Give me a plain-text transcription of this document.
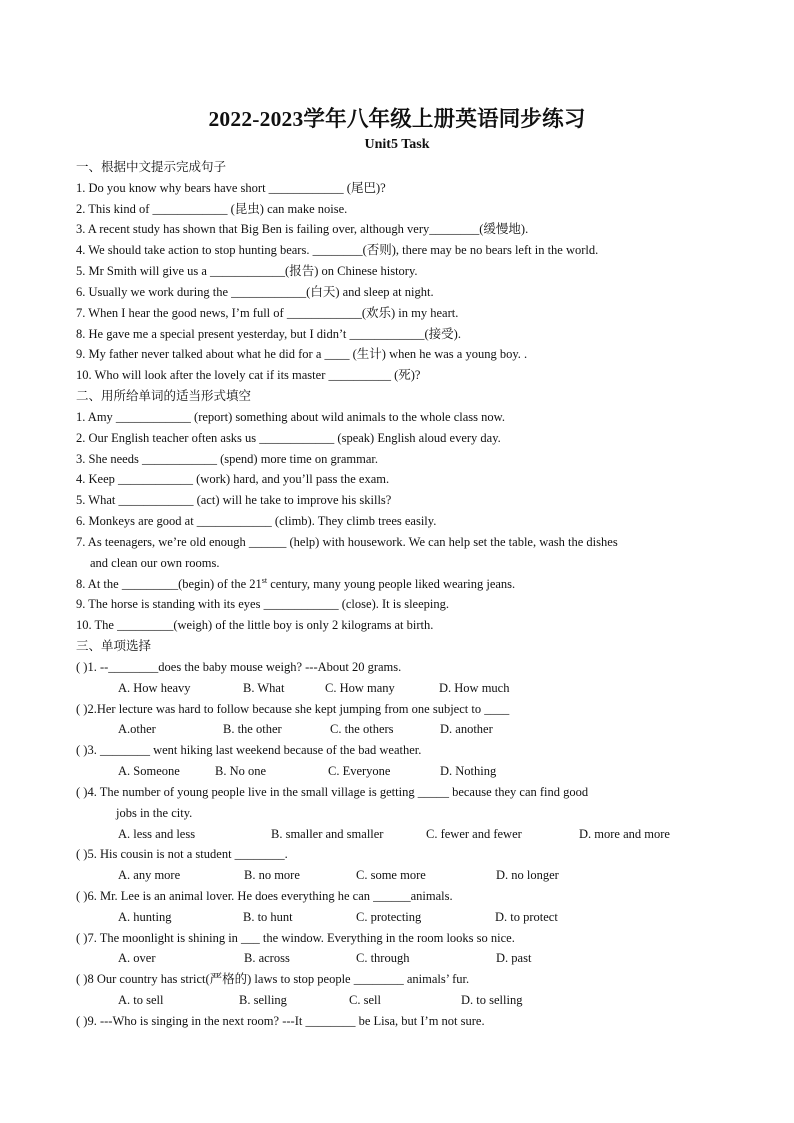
2022-2023学年八年级上册英语同步练习
Unit5 Task
一、根据中文提示完成句子
1. Do you know why bears have short ____________ (尾巴)?
2. This kind of ____________ (昆虫) can make noise.
3. A recent study has shown that Big Ben is failing over, although very________(缓慢地).
4. We should take action to stop hunting bears. ________(否则), there may be no bears left in the world.
5. Mr Smith will give us a ____________(报告) on Chinese history.
6. Usually we work during the ____________(白天) and sleep at night.
7. When I hear the good news, I’m full of ____________(欢乐) in my heart.
8. He gave me a special present yesterday, but I didn’t ____________(接受).
9. My father never talked about what he did for a ____ (生计) when he was a young boy. .
10. Who will look after the lovely cat if its master __________ (死)?
二、用所给单词的适当形式填空
1. Amy ____________ (report) something about wild animals to the whole class now.
2. Our English teacher often asks us ____________ (speak) English aloud every day.
3. She needs ____________ (spend) more time on grammar.
4. Keep ____________ (work) hard, and you’ll pass the exam.
5. What ____________ (act) will he take to improve his skills?
6. Monkeys are good at ____________ (climb). They climb trees easily.
7. As teenagers, we’re old enough ______ (help) with housework. We can help set the table, wash the dishes
and clean our own rooms.
8. At the _________(begin) of the 21st century, many young people liked wearing jeans.
9. The horse is standing with its eyes ____________ (close). It is sleeping.
10. The _________(weigh) of the little boy is only 2 kilograms at birth.
三、单项选择
( )1. --________does the baby mouse weigh? ---About 20 grams.
A. How heavy	B. What	C. How many	D. How much
( )2.Her lecture was hard to follow because she kept jumping from one subject to ____
A.other	B. the other	C. the others	D. another
( )3. ________ went hiking last weekend because of the bad weather.
A. Someone	B. No one	C. Everyone	D. Nothing
( )4. The number of young people live in the small village is getting _____ because they can find good
jobs in the city.
A. less and less	B. smaller and smaller	C. fewer and fewer	D. more and more
( )5. His cousin is not a student ________.
A. any more	B. no more	C. some more	D. no longer
( )6. Mr. Lee is an animal lover. He does everything he can ______animals.
A. hunting	B. to hunt	C. protecting	D. to protect
( )7. The moonlight is shining in ___ the window. Everything in the room looks so nice.
A. over	B. across	C. through	D. past
( )8 Our country has strict(严格的) laws to stop people ________ animals’ fur.
A. to sell	B. selling	C. sell	D. to selling
( )9. ---Who is singing in the next room? ---It ________ be Lisa, but I’m not sure.
